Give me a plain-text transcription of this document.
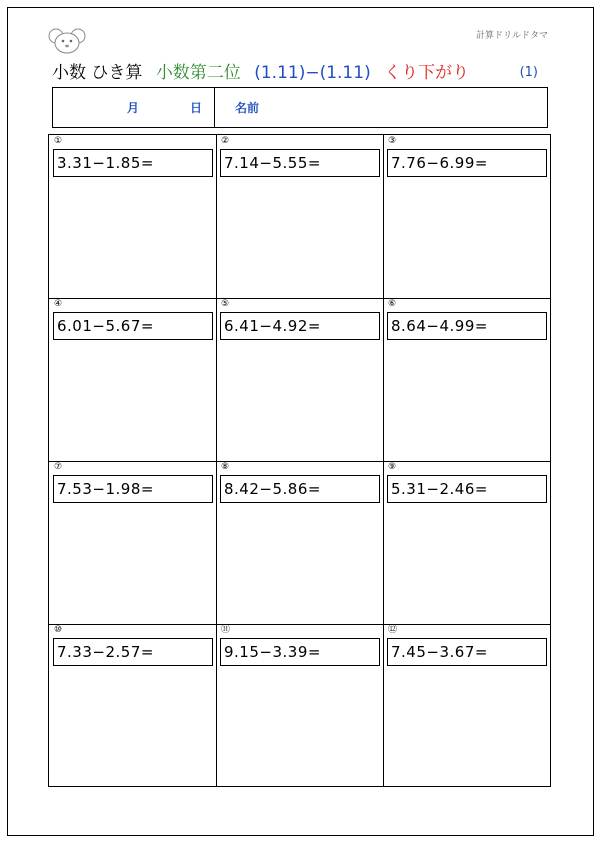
計算ドリルドタマ
小数 ひき算 小数第二位 (1.11)−(1.11) くり下がり	(1)
月	日	名前
①
3.31−1.85=
②
7.14−5.55=
③
7.76−6.99=
④
6.01−5.67=
⑤
6.41−4.92=
⑥
8.64−4.99=
⑦
7.53−1.98=
⑧
8.42−5.86=
⑨
5.31−2.46=
⑩
7.33−2.57=
⑪
9.15−3.39=
⑫
7.45−3.67=
